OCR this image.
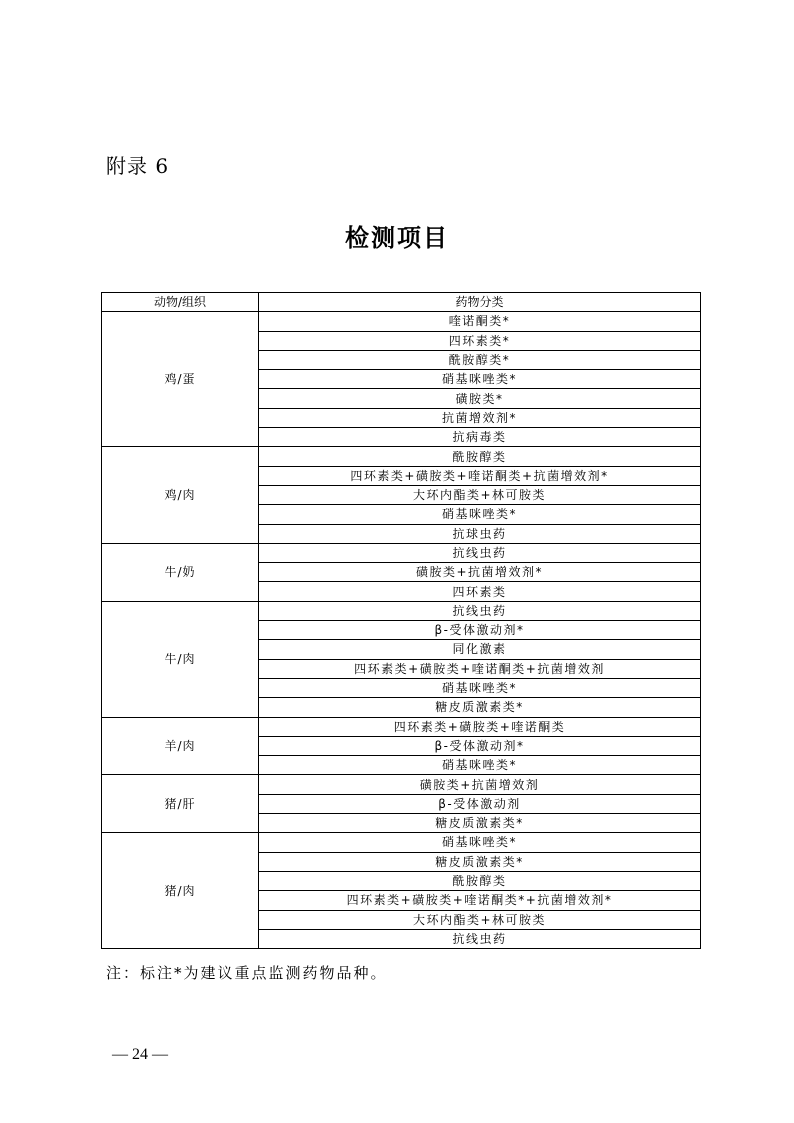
附录 6
检测项目
动物/组织	药物分类
鸡/蛋	喹诺酮类*
	四环素类*
	酰胺醇类*
	硝基咪唑类*
	磺胺类*
	抗菌增效剂*
	抗病毒类
鸡/肉	酰胺醇类
	四环素类+磺胺类+喹诺酮类+抗菌增效剂*
	大环内酯类+林可胺类
	硝基咪唑类*
	抗球虫药
牛/奶	抗线虫药
	磺胺类+抗菌增效剂*
	四环素类
牛/肉	抗线虫药
	β-受体激动剂*
	同化激素
	四环素类+磺胺类+喹诺酮类+抗菌增效剂
	硝基咪唑类*
	糖皮质激素类*
羊/肉	四环素类+磺胺类+喹诺酮类
	β-受体激动剂*
	硝基咪唑类*
猪/肝	磺胺类+抗菌增效剂
	β-受体激动剂
	糖皮质激素类*
猪/肉	硝基咪唑类*
	糖皮质激素类*
	酰胺醇类
	四环素类+磺胺类+喹诺酮类*+抗菌增效剂*
	大环内酯类+林可胺类
	抗线虫药
注：标注*为建议重点监测药物品种。
— 24 —
